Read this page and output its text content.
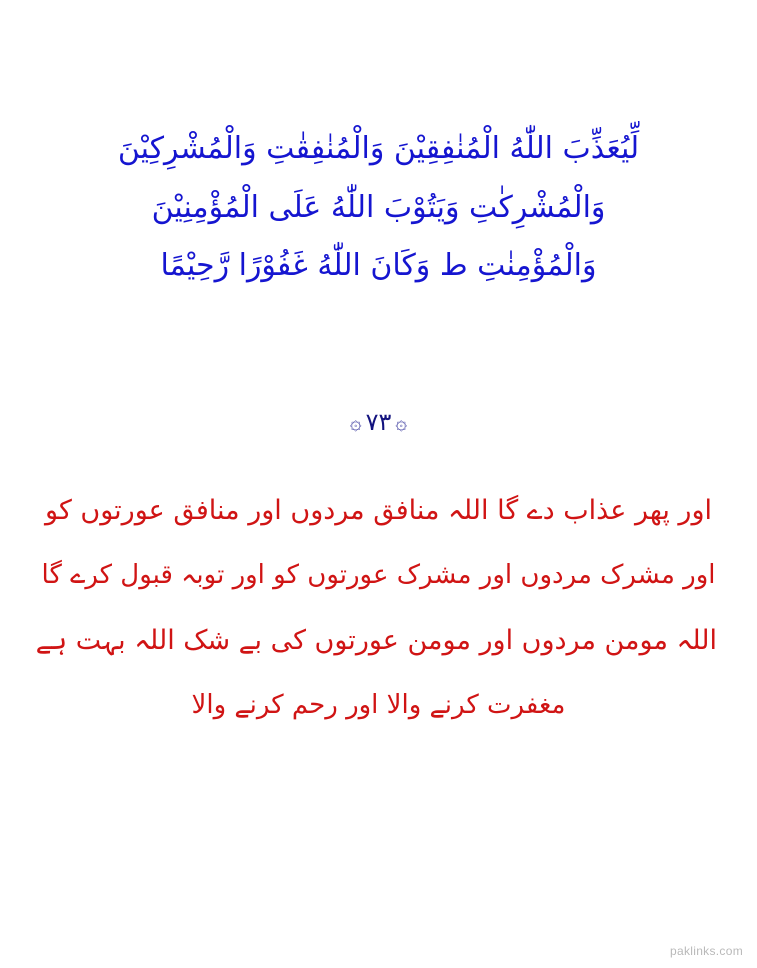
لِّيُعَذِّبَ اللّٰهُ الْمُنٰفِقِيْنَ وَالْمُنٰفِقٰتِ وَالْمُشْرِكِيْنَ
وَالْمُشْرِكٰتِ وَيَتُوْبَ اللّٰهُ عَلَى الْمُؤْمِنِيْنَ
وَالْمُؤْمِنٰتِ ط وَكَانَ اللّٰهُ غَفُوْرًا رَّحِيْمًا
۞۷۳۞
اور پھر عذاب دے گا اللہ منافق مردوں اور منافق عورتوں کو
اور مشرک مردوں اور مشرک عورتوں کو اور توبہ قبول کرے گا
اللہ مومن مردوں اور مومن عورتوں کی بے شک اللہ بہت ہے
مغفرت کرنے والا اور رحم کرنے والا
paklinks.com
